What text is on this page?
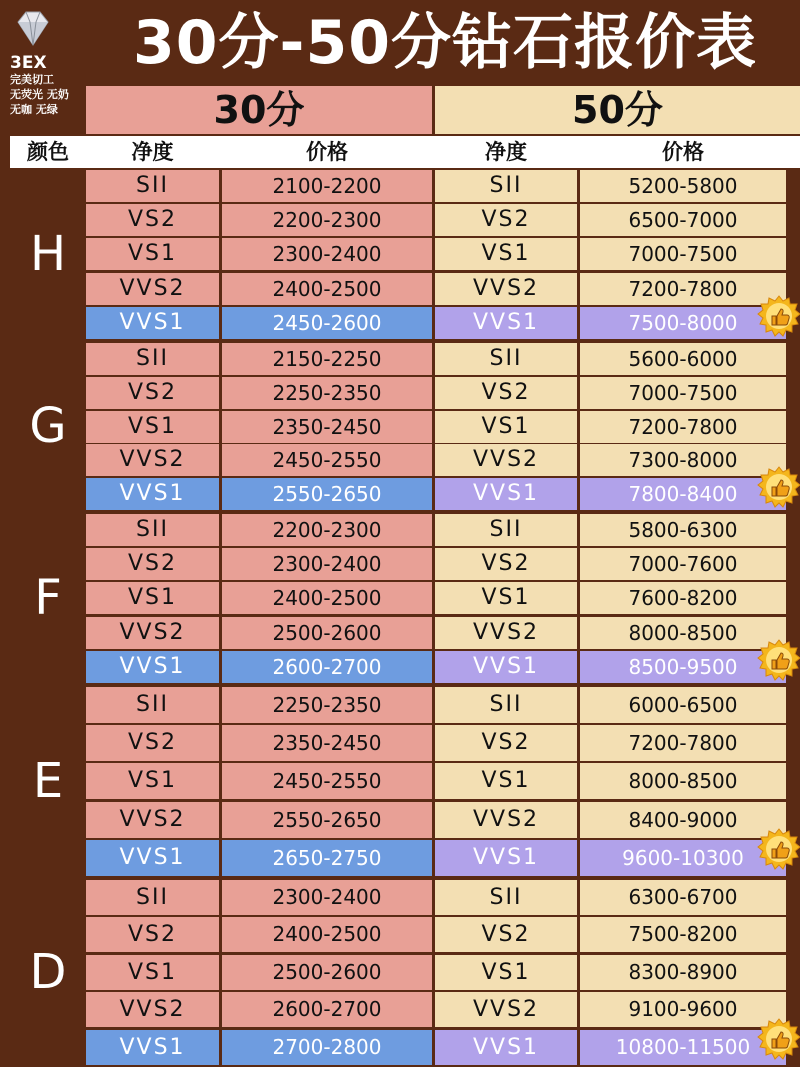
3EX
完美切工
无荧光 无奶
无咖 无绿
30分-50分钻石报价表
30分	50分
颜色	净度	价格	净度	价格
H
SII	2100-2200	SII	5200-5800
VS2	2200-2300	VS2	6500-7000
VS1	2300-2400	VS1	7000-7500
VVS2	2400-2500	VVS2	7200-7800
VVS1	2450-2600	VVS1	7500-8000
G
SII	2150-2250	SII	5600-6000
VS2	2250-2350	VS2	7000-7500
VS1	2350-2450	VS1	7200-7800
VVS2	2450-2550	VVS2	7300-8000
VVS1	2550-2650	VVS1	7800-8400
F
SII	2200-2300	SII	5800-6300
VS2	2300-2400	VS2	7000-7600
VS1	2400-2500	VS1	7600-8200
VVS2	2500-2600	VVS2	8000-8500
VVS1	2600-2700	VVS1	8500-9500
E
SII	2250-2350	SII	6000-6500
VS2	2350-2450	VS2	7200-7800
VS1	2450-2550	VS1	8000-8500
VVS2	2550-2650	VVS2	8400-9000
VVS1	2650-2750	VVS1	9600-10300
D
SII	2300-2400	SII	6300-6700
VS2	2400-2500	VS2	7500-8200
VS1	2500-2600	VS1	8300-8900
VVS2	2600-2700	VVS2	9100-9600
VVS1	2700-2800	VVS1	10800-11500
